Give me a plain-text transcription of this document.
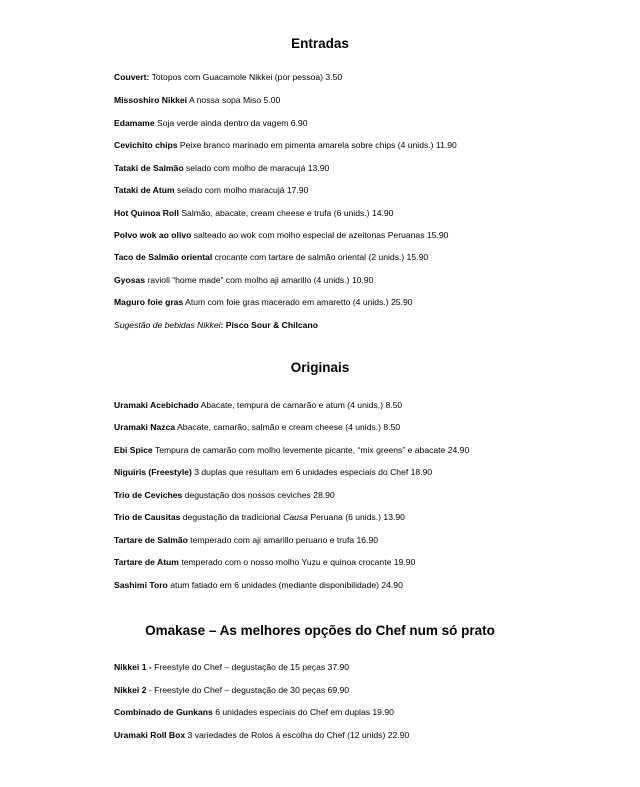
Entradas

Couvert: Totopos com Guacamole Nikkei (por pessoa) 3.50

Missoshiro Nikkei A nossa sopa Miso 5.00

Edamame Soja verde ainda dentro da vagem 6.90

Cevichito chips Peixe branco marinado em pimenta amarela sobre chips (4 unids.) 11.90

Tataki de Salmão selado com molho de maracujá 13.90

Tataki de Atum selado com molho maracujá 17.90

Hot Quinoa Roll Salmão, abacate, cream cheese e trufa (6 unids.) 14.90

Polvo wok ao olivo salteado ao wok com molho especial de azeitonas Peruanas 15.90

Taco de Salmão oriental crocante com tartare de salmão oriental (2 unids.) 15.90

Gyosas ravioli “home made” com molho aji amarillo (4 unids.) 10.90

Maguro foie gras Atum com foie gras macerado em amaretto (4 unids.) 25.90

Sugestão de bebidas Nikkei: Pisco Sour & Chilcano

Originais

Uramaki Acebichado Abacate, tempura de camarão e atum (4 unids.) 8.50

Uramaki Nazca Abacate, camarão, salmão e cream cheese (4 unids.) 8.50

Ebi Spice Tempura de camarão com molho levemente picante, “mix greens” e abacate 24.90

Niguiris (Freestyle) 3 duplas que resultam em 6 unidades especiais do Chef 18.90

Trio de Ceviches degustação dos nossos ceviches 28.90

Trio de Causitas degustação da tradicional Causa Peruana (6 unids.) 13.90

Tartare de Salmão temperado com aji amarillo peruano e trufa 16.90

Tartare de Atum temperado com o nosso molho Yuzu e quinoa crocante 19.90

Sashimi Toro atum fatiado em 6 unidades (mediante disponibilidade) 24.90

Omakase – As melhores opções do Chef num só prato

Nikkei 1 - Freestyle do Chef – degustação de 15 peças 37.90

Nikkei 2 - Freestyle do Chef – degustação de 30 peças 69.90

Combinado de Gunkans 6 unidades especiais do Chef em duplas 19.90

Uramaki Roll Box 3 variedades de Rolos à escolha do Chef (12 unids) 22.90
